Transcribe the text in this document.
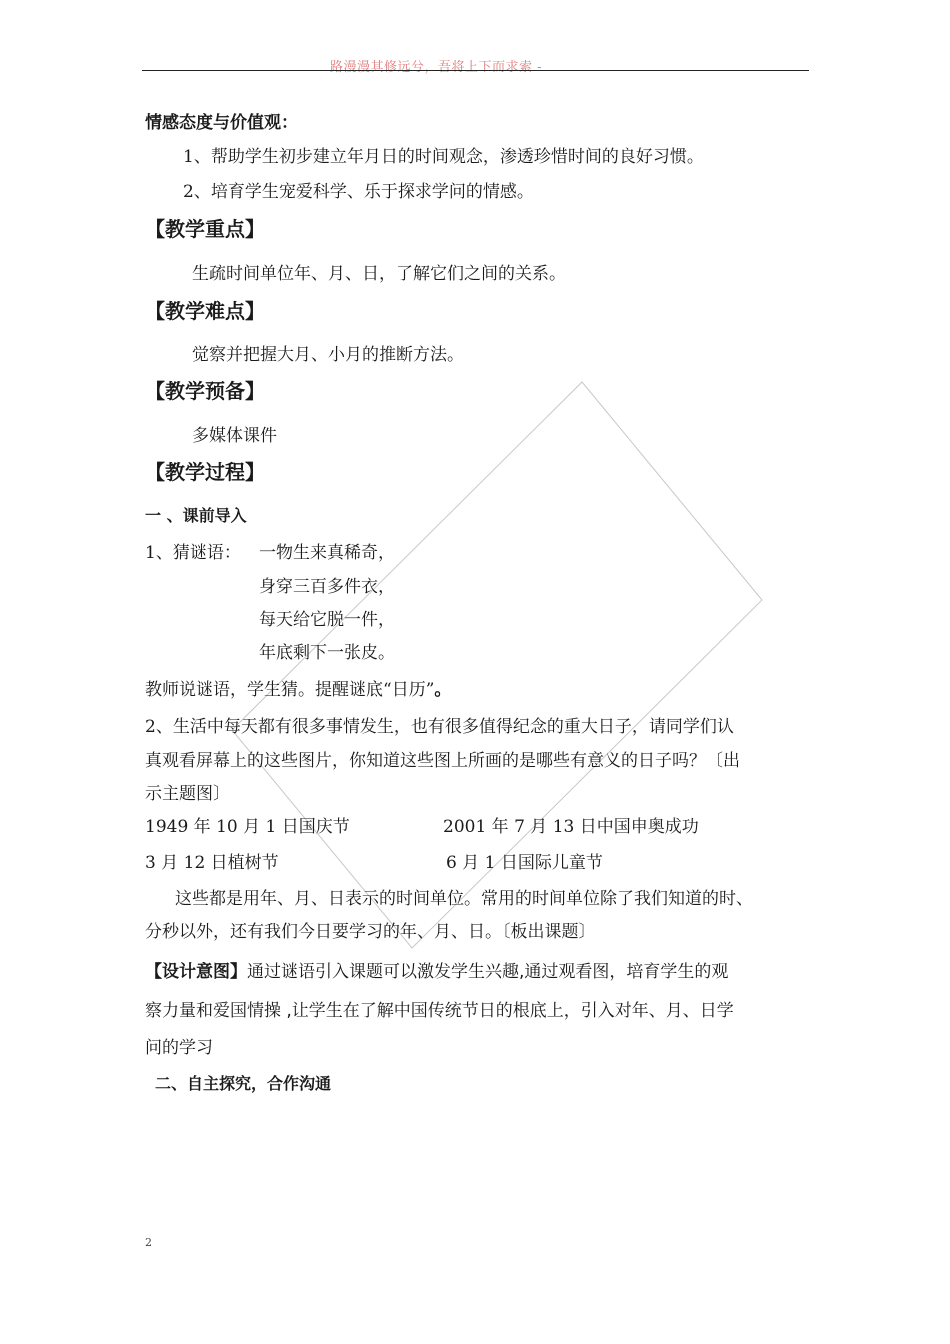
路漫漫其修远兮，吾将上下而求索 -
情感态度与价值观：
1、帮助学生初步建立年月日的时间观念，渗透珍惜时间的良好习惯。
2、培育学生宠爱科学、乐于探求学问的情感。
【教学重点】
生疏时间单位年、月、日，了解它们之间的关系。
【教学难点】
觉察并把握大月、小月的推断方法。
【教学预备】
多媒体课件
【教学过程】
一 、课前导入
1、猜谜语： 一物生来真稀奇，
身穿三百多件衣，
每天给它脱一件，
年底剩下一张皮。
教师说谜语，学生猜。提醒谜底“日历”。
2、生活中每天都有很多事情发生，也有很多值得纪念的重大日子，请同学们认
真观看屏幕上的这些图片，你知道这些图上所画的是哪些有意义的日子吗？〔出
示主题图〕
1949 年 10 月 1 日国庆节	2001 年 7 月 13 日中国申奥成功
3 月 12 日植树节	6 月 1 日国际儿童节
这些都是用年、月、日表示的时间单位。常用的时间单位除了我们知道的时、
分秒以外，还有我们今日要学习的年、月、日。〔板出课题〕
【设计意图】通过谜语引入课题可以激发学生兴趣,通过观看图，培育学生的观
察力量和爱国情操 ,让学生在了解中国传统节日的根底上，引入对年、月、日学
问的学习
二、自主探究，合作沟通
2
